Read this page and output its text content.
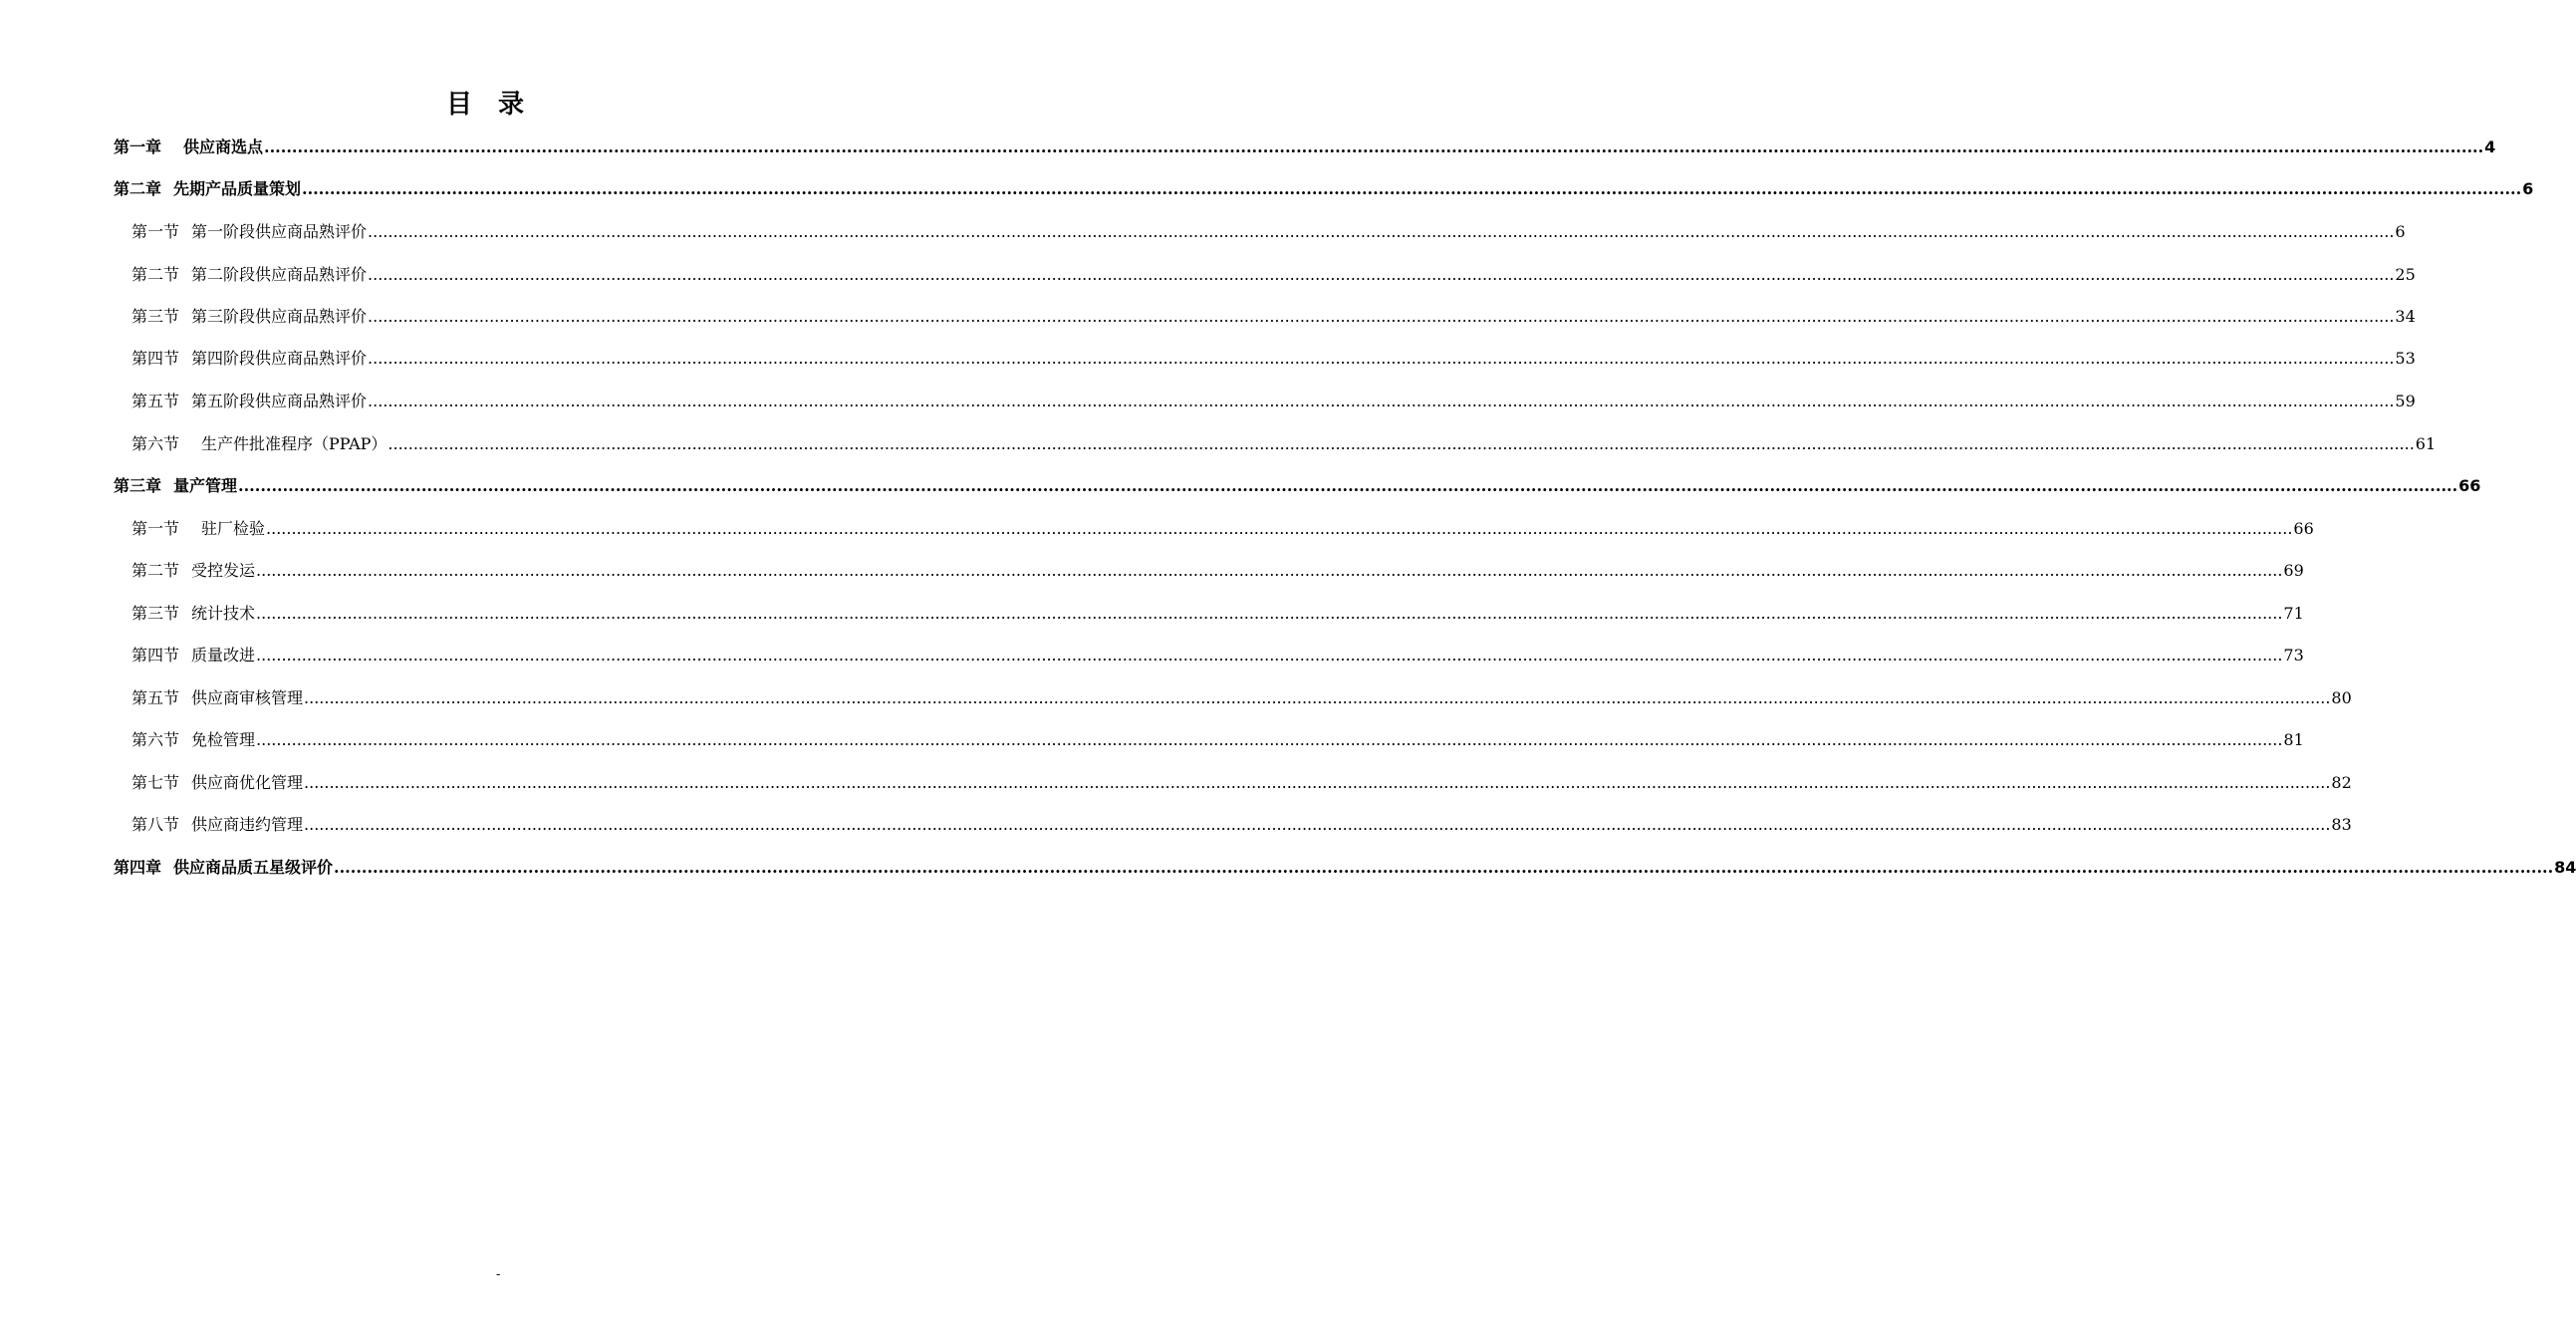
目录
第一章 供应商选点 ................................................................................................................................................................................................................................................................................................................................................................................................................ 4
第二章 先期产品质量策划 ................................................................................................................................................................................................................................................................................................................................................................................................................ 6
第一节 第一阶段供应商品熟评价 ................................................................................................................................................................................................................................................................................................................................................................................................................ 6
第二节 第二阶段供应商品熟评价 ................................................................................................................................................................................................................................................................................................................................................................................................................ 25
第三节 第三阶段供应商品熟评价 ................................................................................................................................................................................................................................................................................................................................................................................................................ 34
第四节 第四阶段供应商品熟评价 ................................................................................................................................................................................................................................................................................................................................................................................................................ 53
第五节 第五阶段供应商品熟评价 ................................................................................................................................................................................................................................................................................................................................................................................................................ 59
第六节 生产件批准程序（PPAP） ................................................................................................................................................................................................................................................................................................................................................................................................................ 61
第三章 量产管理 ................................................................................................................................................................................................................................................................................................................................................................................................................ 66
第一节 驻厂检验 ................................................................................................................................................................................................................................................................................................................................................................................................................ 66
第二节 受控发运 ................................................................................................................................................................................................................................................................................................................................................................................................................ 69
第三节 统计技术 ................................................................................................................................................................................................................................................................................................................................................................................................................ 71
第四节 质量改进 ................................................................................................................................................................................................................................................................................................................................................................................................................ 73
第五节 供应商审核管理 ................................................................................................................................................................................................................................................................................................................................................................................................................ 80
第六节 免检管理 ................................................................................................................................................................................................................................................................................................................................................................................................................ 81
第七节 供应商优化管理 ................................................................................................................................................................................................................................................................................................................................................................................................................ 82
第八节 供应商违约管理 ................................................................................................................................................................................................................................................................................................................................................................................................................ 83
第四章 供应商品质五星级评价 ................................................................................................................................................................................................................................................................................................................................................................................................................ 84
-
